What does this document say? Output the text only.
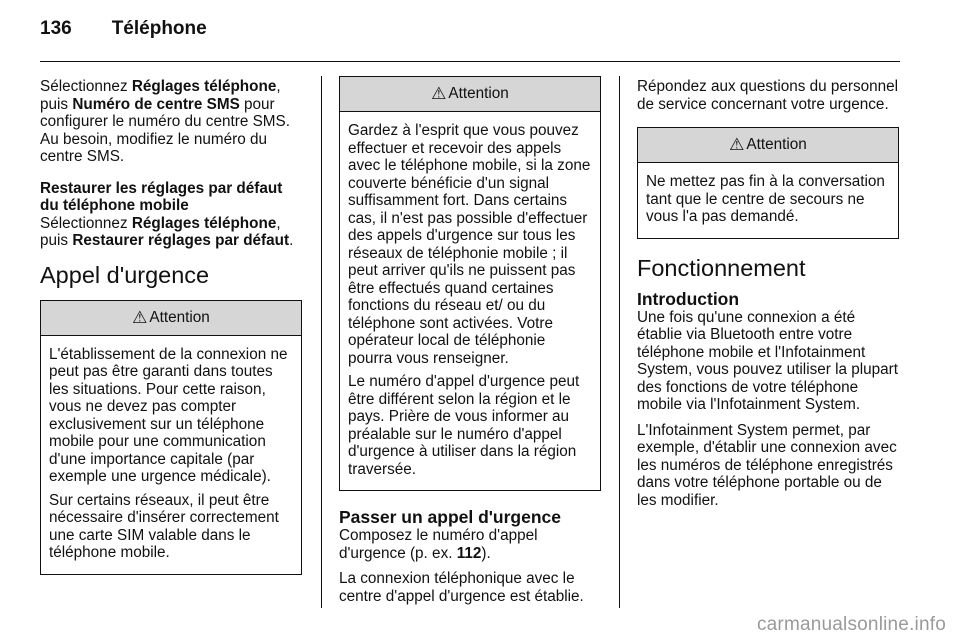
136 Téléphone

Sélectionnez Réglages téléphone, puis Numéro de centre SMS pour configurer le numéro du centre SMS. Au besoin, modifiez le numéro du centre SMS.

Restaurer les réglages par défaut du téléphone mobile

Sélectionnez Réglages téléphone, puis Restaurer réglages par défaut.

Appel d'urgence
⚠ Attention

L'établissement de la connexion ne peut pas être garanti dans toutes les situations. Pour cette raison, vous ne devez pas compter exclusivement sur un téléphone mobile pour une communication d'une importance capitale (par exemple une urgence médicale).

Sur certains réseaux, il peut être nécessaire d'insérer correctement une carte SIM valable dans le téléphone mobile.

⚠ Attention

Gardez à l'esprit que vous pouvez effectuer et recevoir des appels avec le téléphone mobile, si la zone couverte bénéficie d'un signal suffisamment fort. Dans certains cas, il n'est pas possible d'effectuer des appels d'urgence sur tous les réseaux de téléphonie mobile ; il peut arriver qu'ils ne puissent pas être effectués quand certaines fonctions du réseau et/ ou du téléphone sont activées. Votre opérateur local de téléphonie pourra vous renseigner.

Le numéro d'appel d'urgence peut être différent selon la région et le pays. Prière de vous informer au préalable sur le numéro d'appel d'urgence à utiliser dans la région traversée.

Passer un appel d'urgence

Composez le numéro d'appel d'urgence (p. ex. 112).

La connexion téléphonique avec le centre d'appel d'urgence est établie.

Répondez aux questions du personnel de service concernant votre urgence.

⚠ Attention

Ne mettez pas fin à la conversation tant que le centre de secours ne vous l'a pas demandé.

Fonctionnement
Introduction

Une fois qu'une connexion a été établie via Bluetooth entre votre téléphone mobile et l'Infotainment System, vous pouvez utiliser la plupart des fonctions de votre téléphone mobile via l'Infotainment System.

L'Infotainment System permet, par exemple, d'établir une connexion avec les numéros de téléphone enregistrés dans votre téléphone portable ou de les modifier.

carmanualsonline.info
